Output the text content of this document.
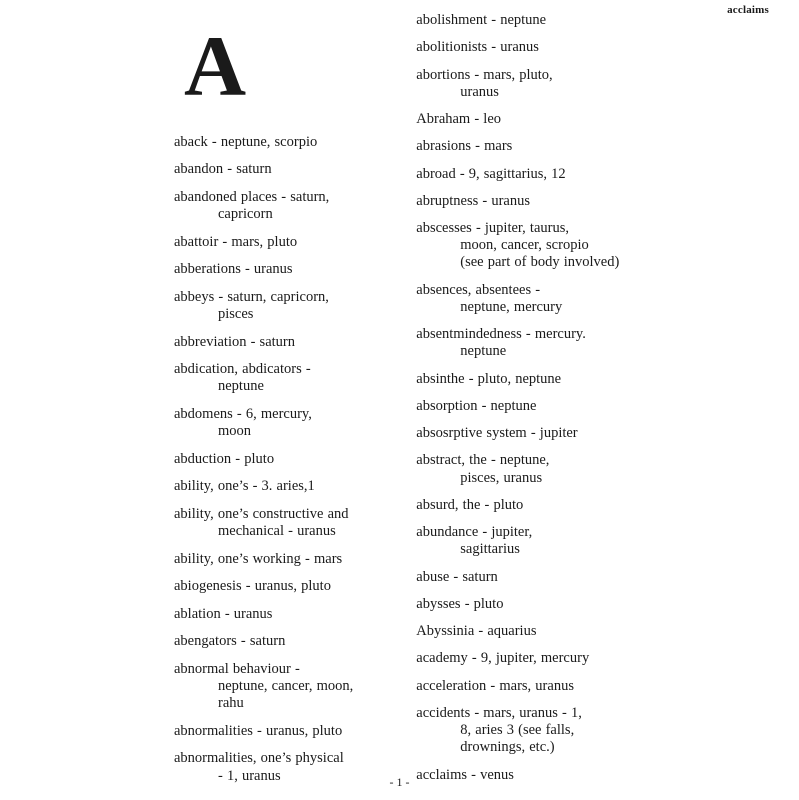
acclaims
A
aback - neptune, scorpio
abandon - saturn
abandoned places - saturn,
capricorn
abattoir - mars, pluto
abberations - uranus
abbeys - saturn, capricorn,
pisces
abbreviation - saturn
abdication, abdicators -
neptune
abdomens - 6, mercury,
moon
abduction - pluto
ability, one’s - 3. aries,1
ability, one’s constructive and
mechanical - uranus
ability, one’s working - mars
abiogenesis - uranus, pluto
ablation - uranus
abengators - saturn
abnormal behaviour -
neptune, cancer, moon,
rahu
abnormalities - uranus, pluto
abnormalities, one’s physical
- 1, uranus
abolishment - neptune
abolitionists - uranus
abortions - mars, pluto,
uranus
Abraham - leo
abrasions - mars
abroad - 9, sagittarius, 12
abruptness - uranus
abscesses - jupiter, taurus,
moon, cancer, scropio
(see part of body involved)
absences, absentees -
neptune, mercury
absentmindedness - mercury.
neptune
absinthe - pluto, neptune
absorption - neptune
absosrptive system - jupiter
abstract, the - neptune,
pisces, uranus
absurd, the - pluto
abundance - jupiter,
sagittarius
abuse - saturn
abysses - pluto
Abyssinia - aquarius
academy - 9, jupiter, mercury
acceleration - mars, uranus
accidents - mars, uranus - 1,
8, aries 3 (see falls,
drownings, etc.)
acclaims - venus
- 1 -
